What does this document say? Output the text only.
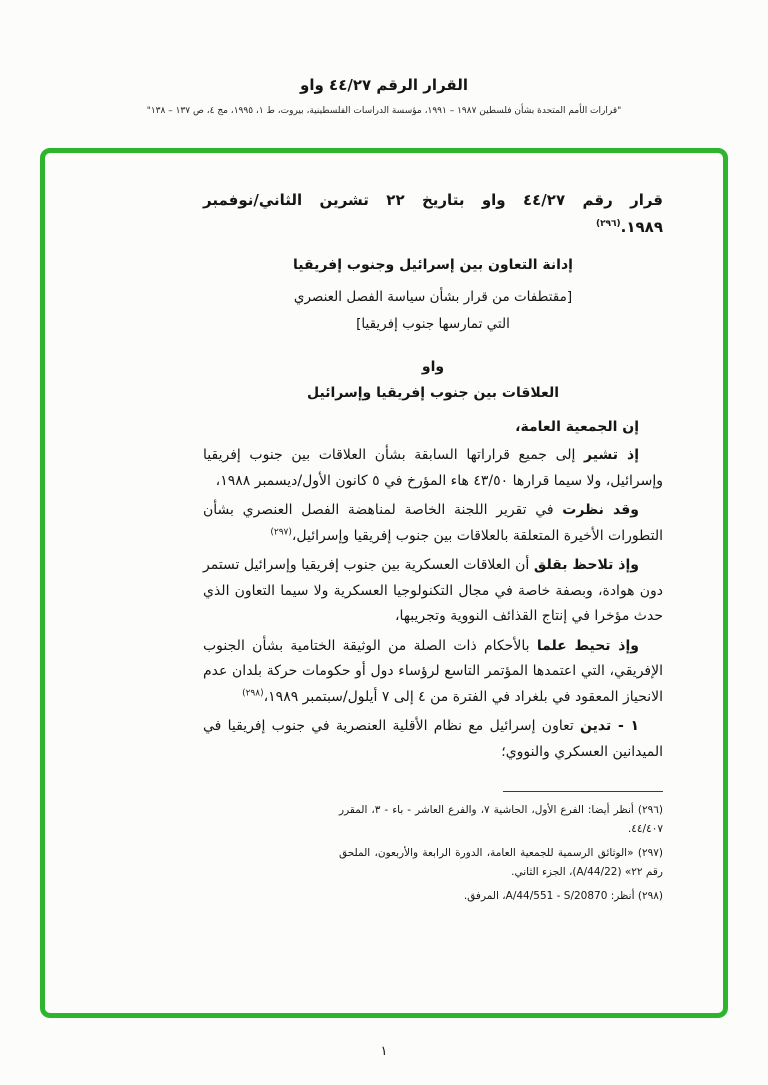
القرار الرقم ٤٤/٢٧ واو
"قرارات الأمم المتحدة بشأن فلسطين ١٩٨٧ – ١٩٩١، مؤسسة الدراسات الفلسطينية، بيروت، ط ١، ١٩٩٥، مج ٤، ص ١٣٧ – ١٣٨"
قرار رقم ٤٤/٢٧ واو بتاريخ ٢٢ تشرين الثاني/نوفمبر
١٩٨٩.$^{(٢٩٦)}$

إدانة التعاون بين إسرائيل وجنوب إفريقيا

[مقتطفات من قرار بشأن سياسة الفصل العنصري

التي تمارسها جنوب إفريقيا]

واو

العلاقات بين جنوب إفريقيا وإسرائيل

إن الجمعية العامة،

إذ تشير إلى جميع قراراتها السابقة بشأن العلاقات بين جنوب إفريقيا وإسرائيل، ولا سيما قرارها ٤٣/٥٠ هاء المؤرخ في ٥ كانون الأول/ديسمبر ١٩٨٨،

وقد نظرت في تقرير اللجنة الخاصة لمناهضة الفصل العنصري بشأن التطورات الأخيرة المتعلقة بالعلاقات بين جنوب إفريقيا وإسرائيل،$^{(٢٩٧)}$

وإذ تلاحظ بقلق أن العلاقات العسكرية بين جنوب إفريقيا وإسرائيل تستمر دون هوادة، وبصفة خاصة في مجال التكنولوجيا العسكرية ولا سيما التعاون الذي حدث مؤخرا في إنتاج القذائف النووية وتجريبها،

وإذ تحيط علما بالأحكام ذات الصلة من الوثيقة الختامية بشأن الجنوب الإفريقي، التي اعتمدها المؤتمر التاسع لرؤساء دول أو حكومات حركة بلدان عدم الانحياز المعقود في بلغراد في الفترة من ٤ إلى ٧ أيلول/سبتمبر ١٩٨٩،$^{(٢٩٨)}$

١ - تدين تعاون إسرائيل مع نظام الأقلية العنصرية في جنوب إفريقيا في الميدانين العسكري والنووي؛

(٢٩٦) أنظر أيضا: الفرع الأول، الحاشية ٧، والفرع العاشر - باء - ٣، المقرر ٤٤/٤٠٧.

(٢٩٧) «الوثائق الرسمية للجمعية العامة، الدورة الرابعة والأربعون، الملحق رقم ٢٢» (A/44/22)، الجزء الثاني.

(٢٩٨) أنظر: A/44/551 - S/20870، المرفق.

١
